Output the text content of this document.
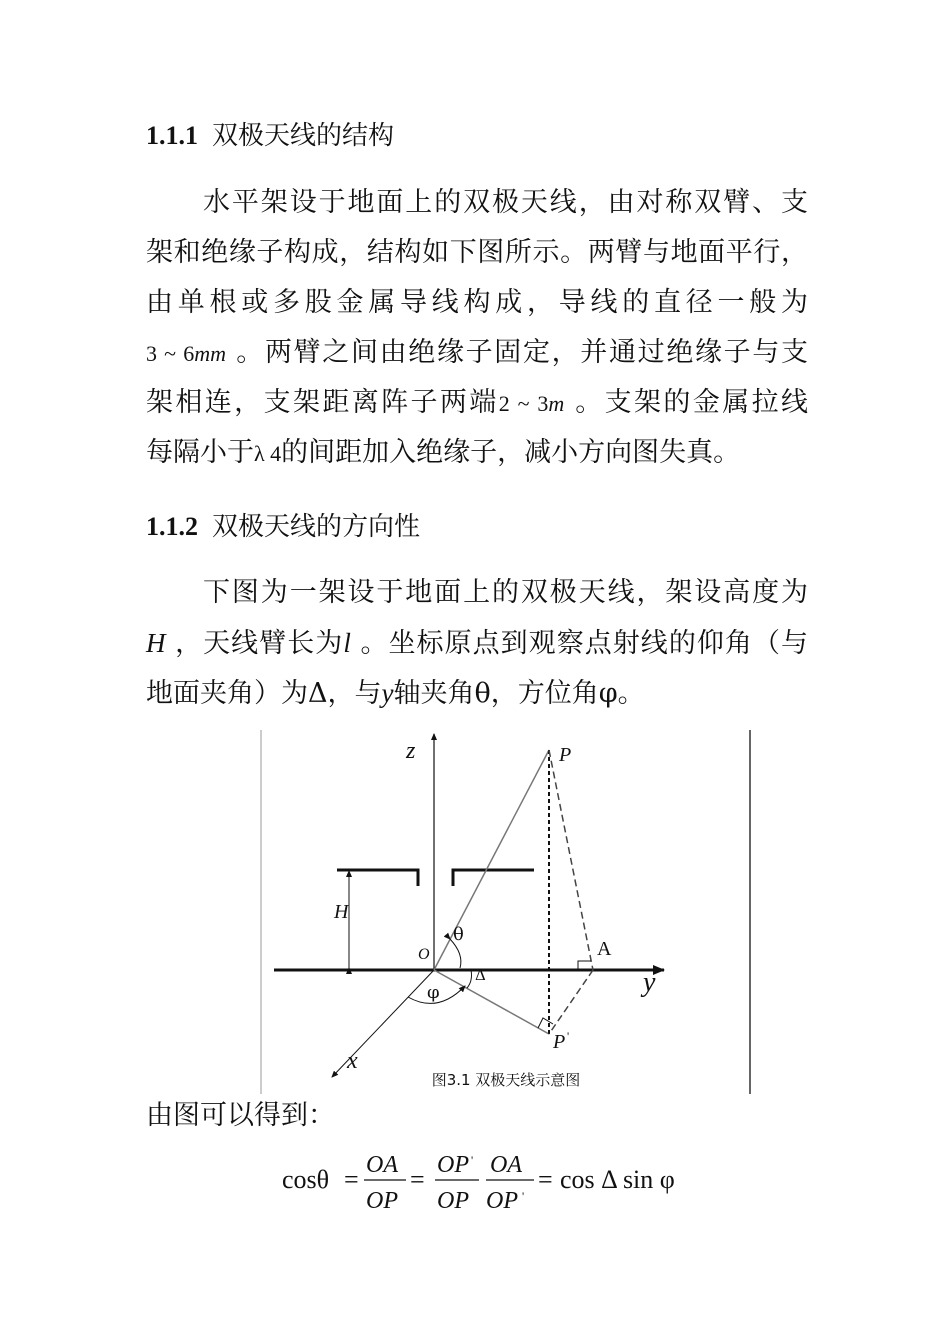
1.1.1 双极天线的结构
水平架设于地面上的双极天线，由对称双臂、支
架和绝缘子构成，结构如下图所示。两臂与地面平行，
由单根或多股金属导线构成，导线的直径一般为
3 ~ 6mm 。两臂之间由绝缘子固定，并通过绝缘子与支
架相连，支架距离阵子两端2 ~ 3m 。支架的金属拉线
每隔小于λ 4的间距加入绝缘子，减小方向图失真。
1.1.2 双极天线的方向性
下图为一架设于地面上的双极天线，架设高度为
H ，天线臂长为l 。坐标原点到观察点射线的仰角（与
地面夹角）为Δ，与y轴夹角θ，方位角φ。
z	P
H
O
θ
A
Δ	y
φ
P '
x
图3.1 双极天线示意图
由图可以得到：
cosθ = OA
OP
= OP '
OP
OA
OP '
= cos Δ sin φ
